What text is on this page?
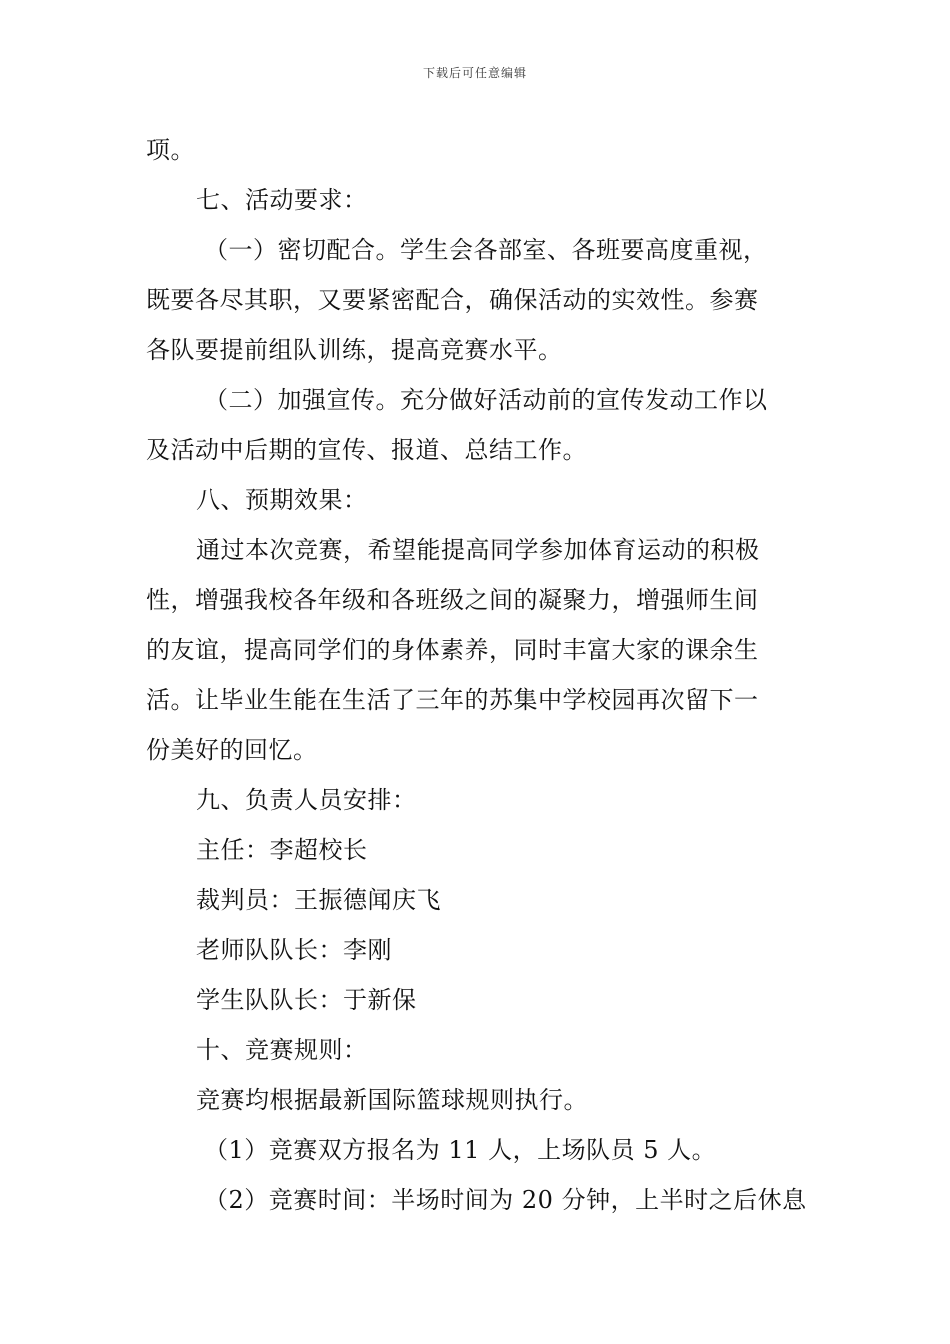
下载后可任意编辑
项。
七、活动要求：
（一）密切配合。学生会各部室、各班要高度重视，
既要各尽其职，又要紧密配合，确保活动的实效性。参赛
各队要提前组队训练，提高竞赛水平。
（二）加强宣传。充分做好活动前的宣传发动工作以
及活动中后期的宣传、报道、总结工作。
八、预期效果：
通过本次竞赛，希望能提高同学参加体育运动的积极
性，增强我校各年级和各班级之间的凝聚力，增强师生间
的友谊，提高同学们的身体素养，同时丰富大家的课余生
活。让毕业生能在生活了三年的苏集中学校园再次留下一
份美好的回忆。
九、负责人员安排：
主任：李超校长
裁判员：王振德闻庆飞
老师队队长：李刚
学生队队长：于新保
十、竞赛规则：
竞赛均根据最新国际篮球规则执行。
（1）竞赛双方报名为 11 人，上场队员 5 人。
（2）竞赛时间：半场时间为 20 分钟，上半时之后休息
